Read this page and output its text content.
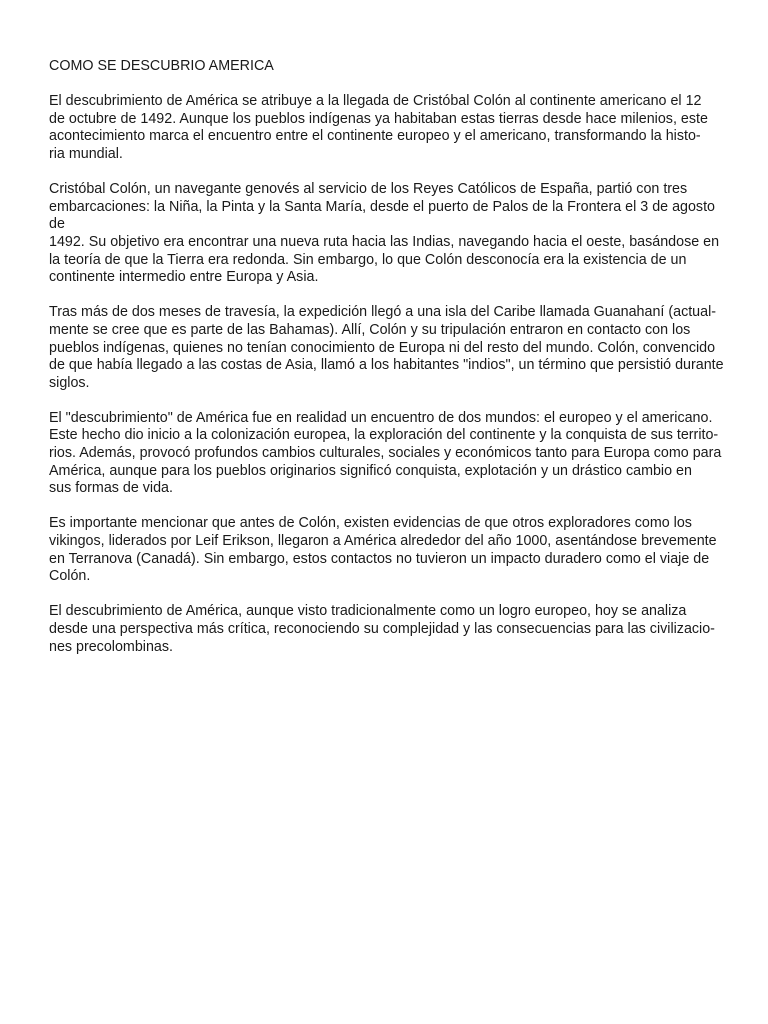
COMO SE DESCUBRIO AMERICA

El descubrimiento de América se atribuye a la llegada de Cristóbal Colón al continente americano el 12
de octubre de 1492. Aunque los pueblos indígenas ya habitaban estas tierras desde hace milenios, este
acontecimiento marca el encuentro entre el continente europeo y el americano, transformando la histo-
ria mundial.

Cristóbal Colón, un navegante genovés al servicio de los Reyes Católicos de España, partió con tres
embarcaciones: la Niña, la Pinta y la Santa María, desde el puerto de Palos de la Frontera el 3 de agosto de
1492. Su objetivo era encontrar una nueva ruta hacia las Indias, navegando hacia el oeste, basándose en
la teoría de que la Tierra era redonda. Sin embargo, lo que Colón desconocía era la existencia de un
continente intermedio entre Europa y Asia.

Tras más de dos meses de travesía, la expedición llegó a una isla del Caribe llamada Guanahaní (actual-
mente se cree que es parte de las Bahamas). Allí, Colón y su tripulación entraron en contacto con los
pueblos indígenas, quienes no tenían conocimiento de Europa ni del resto del mundo. Colón, convencido
de que había llegado a las costas de Asia, llamó a los habitantes "indios", un término que persistió durante
siglos.

El "descubrimiento" de América fue en realidad un encuentro de dos mundos: el europeo y el americano.
Este hecho dio inicio a la colonización europea, la exploración del continente y la conquista de sus territo-
rios. Además, provocó profundos cambios culturales, sociales y económicos tanto para Europa como para
América, aunque para los pueblos originarios significó conquista, explotación y un drástico cambio en
sus formas de vida.

Es importante mencionar que antes de Colón, existen evidencias de que otros exploradores como los
vikingos, liderados por Leif Erikson, llegaron a América alrededor del año 1000, asentándose brevemente
en Terranova (Canadá). Sin embargo, estos contactos no tuvieron un impacto duradero como el viaje de
Colón.

El descubrimiento de América, aunque visto tradicionalmente como un logro europeo, hoy se analiza
desde una perspectiva más crítica, reconociendo su complejidad y las consecuencias para las civilizacio-
nes precolombinas.
